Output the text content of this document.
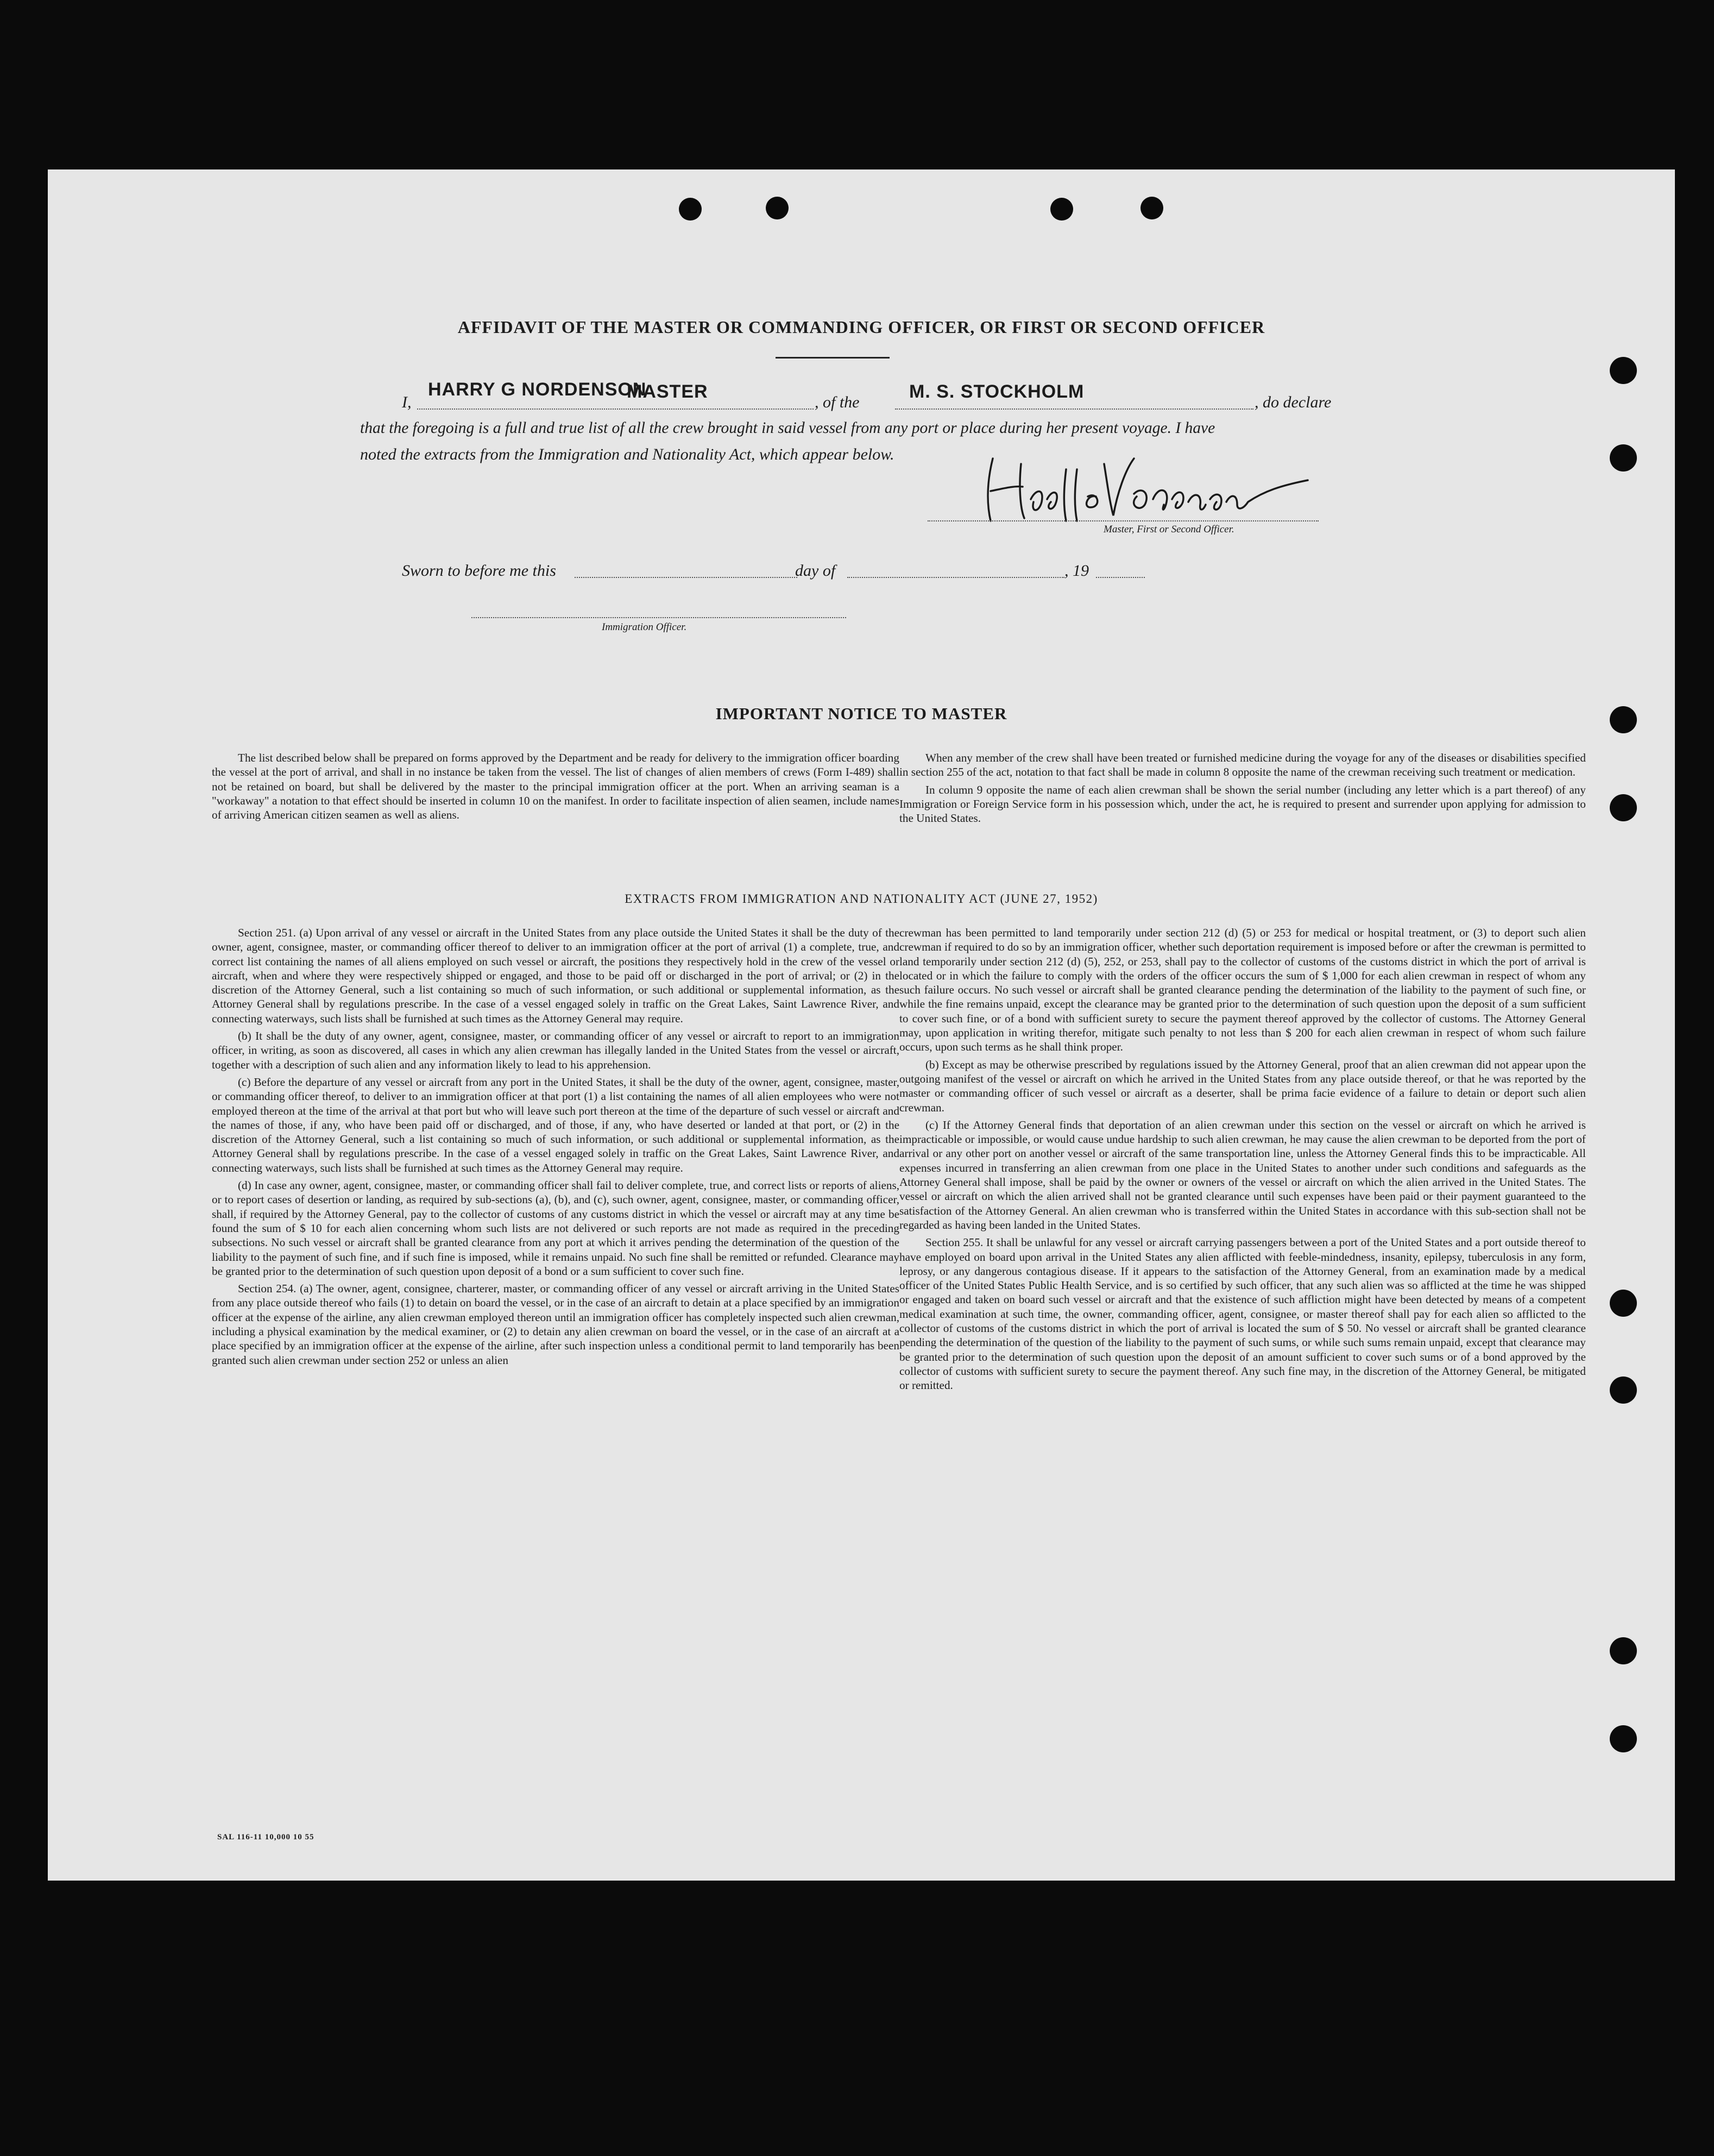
AFFIDAVIT OF THE MASTER OR COMMANDING OFFICER, OR FIRST OR SECOND OFFICER
I,
HARRY G NORDENSON
MASTER
, of the
M. S. STOCKHOLM
, do declare
that the foregoing is a full and true list of all the crew brought in said vessel from any port or place during her present voyage. I have
noted the extracts from the Immigration and Nationality Act, which appear below.
Master, First or Second Officer.
Sworn to before me this	day of	, 19
Immigration Officer.
IMPORTANT NOTICE TO MASTER

The list described below shall be prepared on forms approved by the Department and be ready for delivery to the immigration officer boarding the vessel at the port of arrival, and shall in no instance be taken from the vessel. The list of changes of alien members of crews (Form I-489) shall not be retained on board, but shall be delivered by the master to the principal immigration officer at the port. When an arriving seaman is a "workaway" a notation to that effect should be inserted in column 10 on the manifest. In order to facilitate inspection of alien seamen, include names of arriving American citizen seamen as well as aliens.

When any member of the crew shall have been treated or furnished medicine during the voyage for any of the diseases or disabilities specified in section 255 of the act, notation to that fact shall be made in column 8 opposite the name of the crewman receiving such treatment or medication.

In column 9 opposite the name of each alien crewman shall be shown the serial number (including any letter which is a part thereof) of any Immigration or Foreign Service form in his possession which, under the act, he is required to present and surrender upon applying for admission to the United States.

EXTRACTS FROM IMMIGRATION AND NATIONALITY ACT (JUNE 27, 1952)

Section 251. (a) Upon arrival of any vessel or aircraft in the United States from any place outside the United States it shall be the duty of the owner, agent, consignee, master, or commanding officer thereof to deliver to an immigration officer at the port of arrival (1) a complete, true, and correct list containing the names of all aliens employed on such vessel or aircraft, the positions they respectively hold in the crew of the vessel or aircraft, when and where they were respectively shipped or engaged, and those to be paid off or discharged in the port of arrival; or (2) in the discretion of the Attorney General, such a list containing so much of such information, or such additional or supplemental information, as the Attorney General shall by regulations prescribe. In the case of a vessel engaged solely in traffic on the Great Lakes, Saint Lawrence River, and connecting waterways, such lists shall be furnished at such times as the Attorney General may require.

(b) It shall be the duty of any owner, agent, consignee, master, or commanding officer of any vessel or aircraft to report to an immigration officer, in writing, as soon as discovered, all cases in which any alien crewman has illegally landed in the United States from the vessel or aircraft, together with a description of such alien and any information likely to lead to his apprehension.

(c) Before the departure of any vessel or aircraft from any port in the United States, it shall be the duty of the owner, agent, consignee, master, or commanding officer thereof, to deliver to an immigration officer at that port (1) a list containing the names of all alien employees who were not employed thereon at the time of the arrival at that port but who will leave such port thereon at the time of the departure of such vessel or aircraft and the names of those, if any, who have been paid off or discharged, and of those, if any, who have deserted or landed at that port, or (2) in the discretion of the Attorney General, such a list containing so much of such information, or such additional or supplemental information, as the Attorney General shall by regulations prescribe. In the case of a vessel engaged solely in traffic on the Great Lakes, Saint Lawrence River, and connecting waterways, such lists shall be furnished at such times as the Attorney General may require.

(d) In case any owner, agent, consignee, master, or commanding officer shall fail to deliver complete, true, and correct lists or reports of aliens, or to report cases of desertion or landing, as required by sub-sections (a), (b), and (c), such owner, agent, consignee, master, or commanding officer, shall, if required by the Attorney General, pay to the collector of customs of any customs district in which the vessel or aircraft may at any time be found the sum of $ 10 for each alien concerning whom such lists are not delivered or such reports are not made as required in the preceding subsections. No such vessel or aircraft shall be granted clearance from any port at which it arrives pending the determination of the question of the liability to the payment of such fine, and if such fine is imposed, while it remains unpaid. No such fine shall be remitted or refunded. Clearance may be granted prior to the determination of such question upon deposit of a bond or a sum sufficient to cover such fine.

Section 254. (a) The owner, agent, consignee, charterer, master, or commanding officer of any vessel or aircraft arriving in the United States from any place outside thereof who fails (1) to detain on board the vessel, or in the case of an aircraft to detain at a place specified by an immigration officer at the expense of the airline, any alien crewman employed thereon until an immigration officer has completely inspected such alien crewman, including a physical examination by the medical examiner, or (2) to detain any alien crewman on board the vessel, or in the case of an aircraft at a place specified by an immigration officer at the expense of the airline, after such inspection unless a conditional permit to land temporarily has been granted such alien crewman under section 252 or unless an alien

crewman has been permitted to land temporarily under section 212 (d) (5) or 253 for medical or hospital treatment, or (3) to deport such alien crewman if required to do so by an immigration officer, whether such deportation requirement is imposed before or after the crewman is permitted to land temporarily under section 212 (d) (5), 252, or 253, shall pay to the collector of customs of the customs district in which the port of arrival is located or in which the failure to comply with the orders of the officer occurs the sum of $ 1,000 for each alien crewman in respect of whom any such failure occurs. No such vessel or aircraft shall be granted clearance pending the determination of the liability to the payment of such fine, or while the fine remains unpaid, except the clearance may be granted prior to the determination of such question upon the deposit of a sum sufficient to cover such fine, or of a bond with sufficient surety to secure the payment thereof approved by the collector of customs. The Attorney General may, upon application in writing therefor, mitigate such penalty to not less than $ 200 for each alien crewman in respect of whom such failure occurs, upon such terms as he shall think proper.

(b) Except as may be otherwise prescribed by regulations issued by the Attorney General, proof that an alien crewman did not appear upon the outgoing manifest of the vessel or aircraft on which he arrived in the United States from any place outside thereof, or that he was reported by the master or commanding officer of such vessel or aircraft as a deserter, shall be prima facie evidence of a failure to detain or deport such alien crewman.

(c) If the Attorney General finds that deportation of an alien crewman under this section on the vessel or aircraft on which he arrived is impracticable or impossible, or would cause undue hardship to such alien crewman, he may cause the alien crewman to be deported from the port of arrival or any other port on another vessel or aircraft of the same transportation line, unless the Attorney General finds this to be impracticable. All expenses incurred in transferring an alien crewman from one place in the United States to another under such conditions and safeguards as the Attorney General shall impose, shall be paid by the owner or owners of the vessel or aircraft on which the alien arrived in the United States. The vessel or aircraft on which the alien arrived shall not be granted clearance until such expenses have been paid or their payment guaranteed to the satisfaction of the Attorney General. An alien crewman who is transferred within the United States in accordance with this sub-section shall not be regarded as having been landed in the United States.

Section 255. It shall be unlawful for any vessel or aircraft carrying passengers between a port of the United States and a port outside thereof to have employed on board upon arrival in the United States any alien afflicted with feeble-mindedness, insanity, epilepsy, tuberculosis in any form, leprosy, or any dangerous contagious disease. If it appears to the satisfaction of the Attorney General, from an examination made by a medical officer of the United States Public Health Service, and is so certified by such officer, that any such alien was so afflicted at the time he was shipped or engaged and taken on board such vessel or aircraft and that the existence of such affliction might have been detected by means of a competent medical examination at such time, the owner, commanding officer, agent, consignee, or master thereof shall pay for each alien so afflicted to the collector of customs of the customs district in which the port of arrival is located the sum of $ 50. No vessel or aircraft shall be granted clearance pending the determination of the question of the liability to the payment of such sums, or while such sums remain unpaid, except that clearance may be granted prior to the determination of such question upon the deposit of an amount sufficient to cover such sums or of a bond approved by the collector of customs with sufficient surety to secure the payment thereof. Any such fine may, in the discretion of the Attorney General, be mitigated or remitted.

SAL 116-11 10,000 10 55
